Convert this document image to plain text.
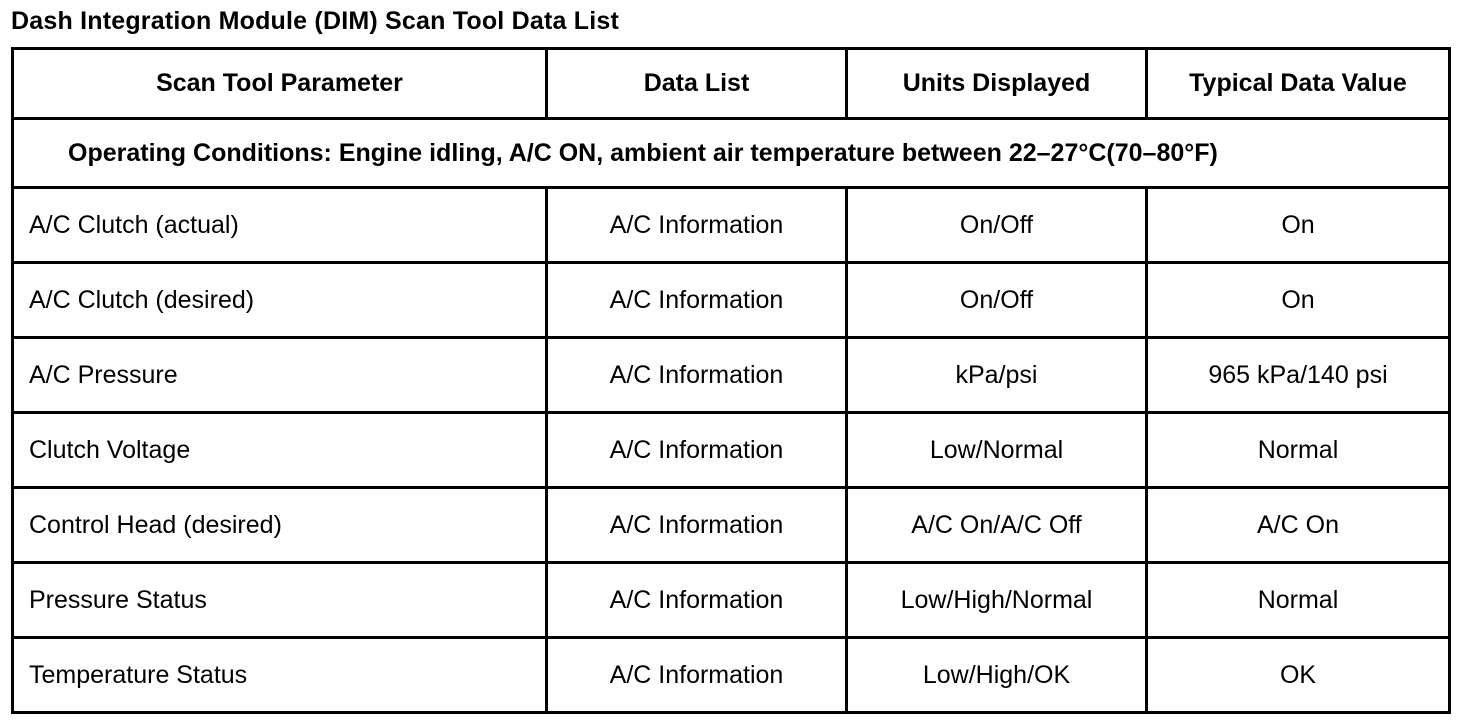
Dash Integration Module (DIM) Scan Tool Data List
Scan Tool Parameter	Data List	Units Displayed	Typical Data Value
Operating Conditions: Engine idling, A/C ON, ambient air temperature between 22–27°C(70–80°F)			
A/C Clutch (actual)	A/C Information	On/Off	On
A/C Clutch (desired)	A/C Information	On/Off	On
A/C Pressure	A/C Information	kPa/psi	965 kPa/140 psi
Clutch Voltage	A/C Information	Low/Normal	Normal
Control Head (desired)	A/C Information	A/C On/A/C Off	A/C On
Pressure Status	A/C Information	Low/High/Normal	Normal
Temperature Status	A/C Information	Low/High/OK	OK
